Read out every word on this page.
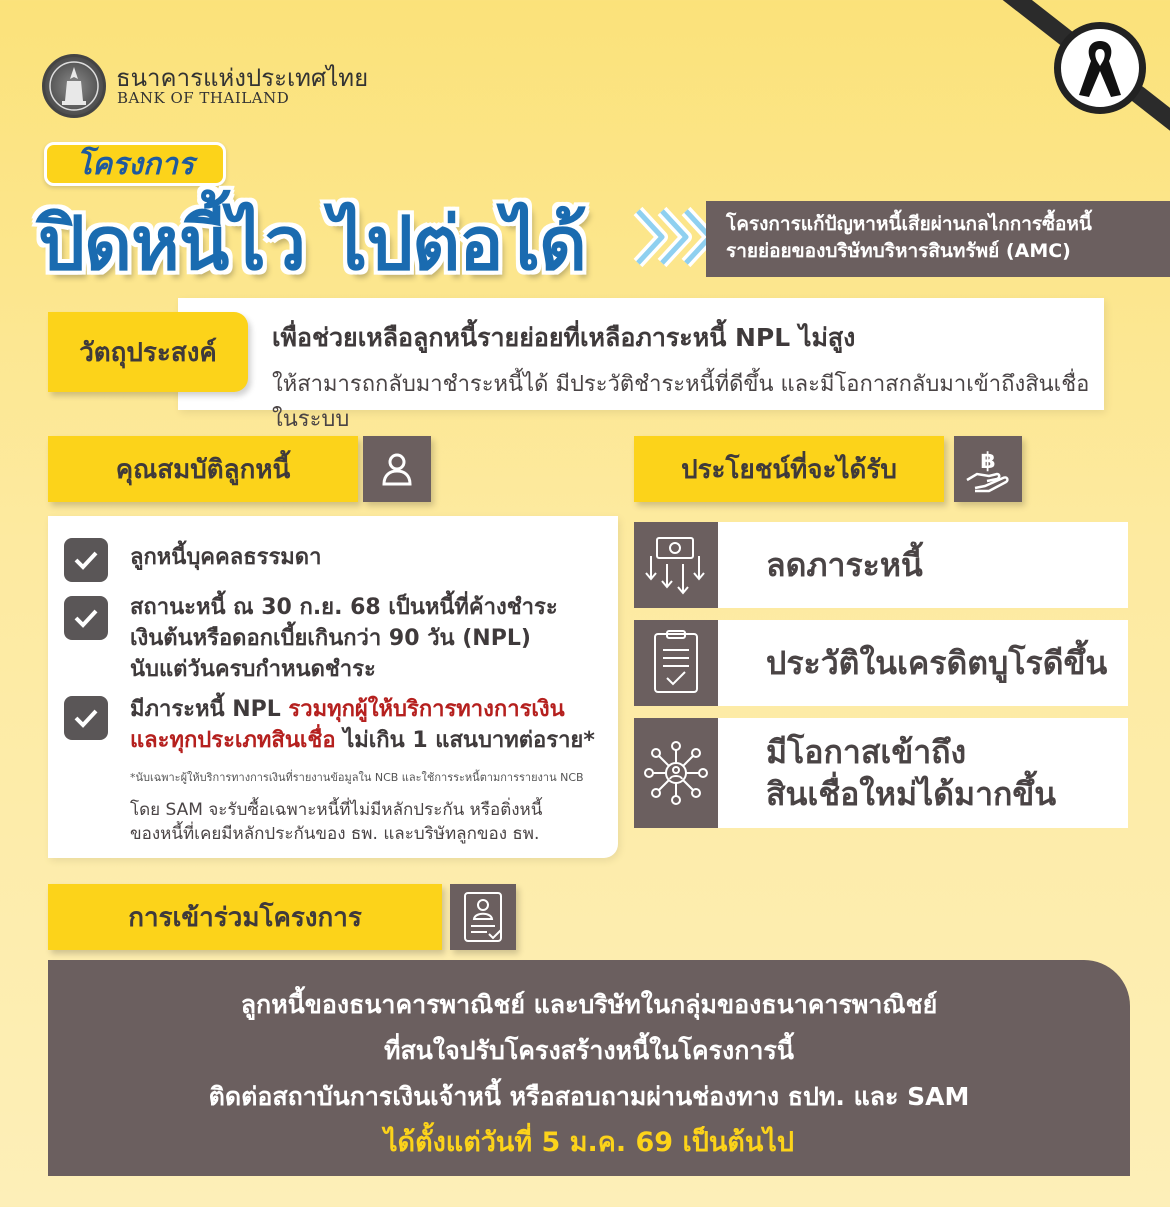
ธนาคารแห่งประเทศไทย
BANK OF THAILAND
โครงการ
ปิดหนี้ไว ไปต่อได้	โครงการแก้ปัญหาหนี้เสียผ่านกลไกการซื้อหนี้
รายย่อยของบริษัทบริหารสินทรัพย์ (AMC)
เพื่อช่วยเหลือลูกหนี้รายย่อยที่เหลือภาระหนี้ NPL ไม่สูง
ให้สามารถกลับมาชำระหนี้ได้ มีประวัติชำระหนี้ที่ดีขึ้น และมีโอกาสกลับมาเข้าถึงสินเชื่อในระบบ
วัตถุประสงค์
คุณสมบัติลูกหนี้
ลูกหนี้บุคคลธรรมดา
สถานะหนี้ ณ 30 ก.ย. 68 เป็นหนี้ที่ค้างชำระ
เงินต้นหรือดอกเบี้ยเกินกว่า 90 วัน (NPL)
นับแต่วันครบกำหนดชำระ
มีภาระหนี้ NPL รวมทุกผู้ให้บริการทางการเงิน
และทุกประเภทสินเชื่อ ไม่เกิน 1 แสนบาทต่อราย*
*นับเฉพาะผู้ให้บริการทางการเงินที่รายงานข้อมูลใน NCB และใช้การระหนี้ตามการรายงาน NCB
โดย SAM จะรับซื้อเฉพาะหนี้ที่ไม่มีหลักประกัน หรือติ่งหนี้
ของหนี้ที่เคยมีหลักประกันของ ธพ. และบริษัทลูกของ ธพ.
ประโยชน์ที่จะได้รับ	฿
ลดภาระหนี้
ประวัติในเครดิตบูโรดีขึ้น
มีโอกาสเข้าถึง
สินเชื่อใหม่ได้มากขึ้น
การเข้าร่วมโครงการ
ลูกหนี้ของธนาคารพาณิชย์ และบริษัทในกลุ่มของธนาคารพาณิชย์
ที่สนใจปรับโครงสร้างหนี้ในโครงการนี้
ติดต่อสถาบันการเงินเจ้าหนี้ หรือสอบถามผ่านช่องทาง ธปท. และ SAM
ได้ตั้งแต่วันที่ 5 ม.ค. 69 เป็นต้นไป
